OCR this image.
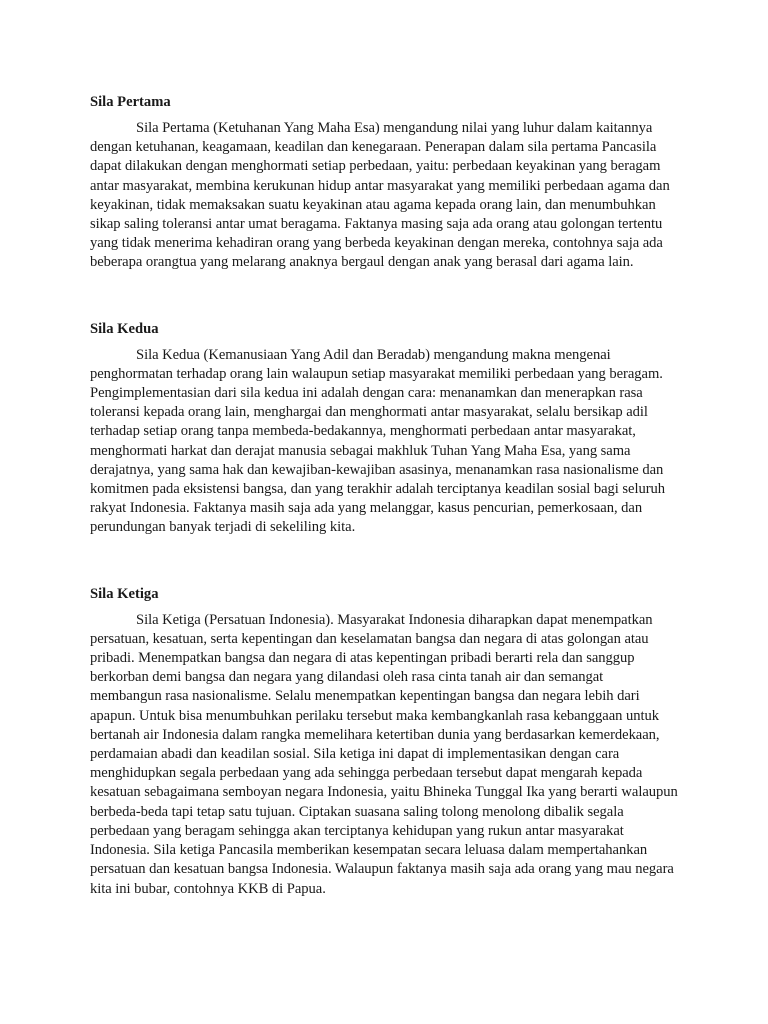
Sila Pertama

Sila Pertama (Ketuhanan Yang Maha Esa) mengandung nilai yang luhur dalam kaitannya dengan ketuhanan, keagamaan, keadilan dan kenegaraan. Penerapan dalam sila pertama Pancasila dapat dilakukan dengan menghormati setiap perbedaan, yaitu: perbedaan keyakinan yang beragam antar masyarakat, membina kerukunan hidup antar masyarakat yang memiliki perbedaan agama dan keyakinan, tidak memaksakan suatu keyakinan atau agama kepada orang lain, dan menumbuhkan sikap saling toleransi antar umat beragama. Faktanya masing saja ada orang atau golongan tertentu yang tidak menerima kehadiran orang yang berbeda keyakinan dengan mereka, contohnya saja ada beberapa orangtua yang melarang anaknya bergaul dengan anak yang berasal dari agama lain.

Sila Kedua

Sila Kedua (Kemanusiaan Yang Adil dan Beradab) mengandung makna mengenai penghormatan terhadap orang lain walaupun setiap masyarakat memiliki perbedaan yang beragam. Pengimplementasian dari sila kedua ini adalah dengan cara: menanamkan dan menerapkan rasa toleransi kepada orang lain, menghargai dan menghormati antar masyarakat, selalu bersikap adil terhadap setiap orang tanpa membeda-bedakannya, menghormati perbedaan antar masyarakat, menghormati harkat dan derajat manusia sebagai makhluk Tuhan Yang Maha Esa, yang sama derajatnya, yang sama hak dan kewajiban-kewajiban asasinya, menanamkan rasa nasionalisme dan komitmen pada eksistensi bangsa, dan yang terakhir adalah terciptanya keadilan sosial bagi seluruh rakyat Indonesia. Faktanya masih saja ada yang melanggar, kasus pencurian, pemerkosaan, dan perundungan banyak terjadi di sekeliling kita.

Sila Ketiga

Sila Ketiga (Persatuan Indonesia). Masyarakat Indonesia diharapkan dapat menempatkan persatuan, kesatuan, serta kepentingan dan keselamatan bangsa dan negara di atas golongan atau pribadi. Menempatkan bangsa dan negara di atas kepentingan pribadi berarti rela dan sanggup berkorban demi bangsa dan negara yang dilandasi oleh rasa cinta tanah air dan semangat membangun rasa nasionalisme. Selalu menempatkan kepentingan bangsa dan negara lebih dari apapun. Untuk bisa menumbuhkan perilaku tersebut maka kembangkanlah rasa kebanggaan untuk bertanah air Indonesia dalam rangka memelihara ketertiban dunia yang berdasarkan kemerdekaan, perdamaian abadi dan keadilan sosial. Sila ketiga ini dapat di implementasikan dengan cara menghidupkan segala perbedaan yang ada sehingga perbedaan tersebut dapat mengarah kepada kesatuan sebagaimana semboyan negara Indonesia, yaitu Bhineka Tunggal Ika yang berarti walaupun berbeda-beda tapi tetap satu tujuan. Ciptakan suasana saling tolong menolong dibalik segala perbedaan yang beragam sehingga akan terciptanya kehidupan yang rukun antar masyarakat Indonesia. Sila ketiga Pancasila memberikan kesempatan secara leluasa dalam mempertahankan persatuan dan kesatuan bangsa Indonesia. Walaupun faktanya masih saja ada orang yang mau negara kita ini bubar, contohnya KKB di Papua.
